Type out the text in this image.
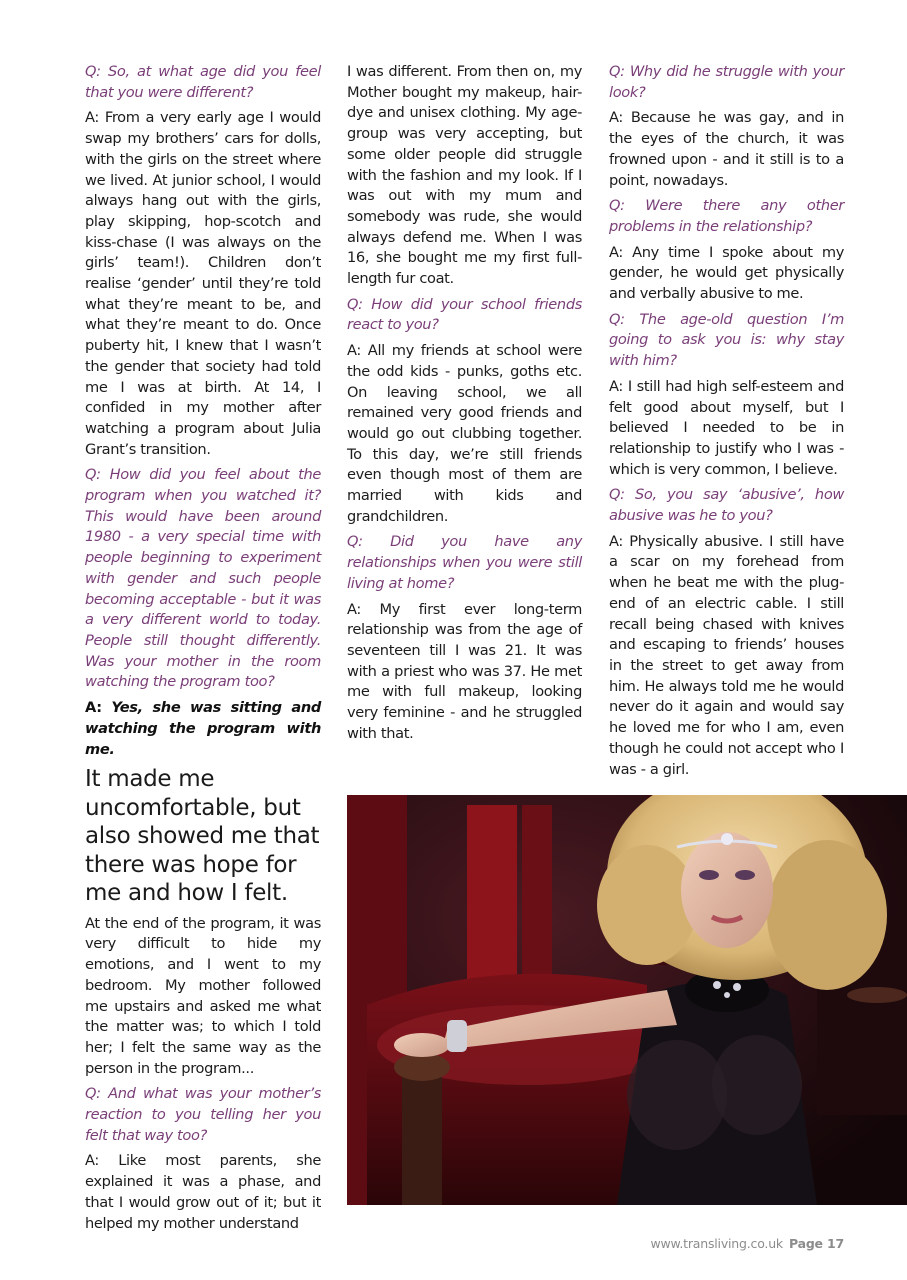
Q: So, at what age did you feel that you were different?

A: From a very early age I would swap my brothers’ cars for dolls, with the girls on the street where we lived. At junior school, I would always hang out with the girls, play skipping, hop-scotch and kiss-chase (I was always on the girls’ team!). Children don’t realise ‘gender’ until they’re told what they’re meant to be, and what they’re meant to do. Once puberty hit, I knew that I wasn’t the gender that society had told me I was at birth. At 14, I confided in my mother after watching a program about Julia Grant’s transition.

Q: How did you feel about the program when you watched it? This would have been around 1980 - a very special time with people beginning to experiment with gender and such people becoming acceptable - but it was a very different world to today. People still thought differently. Was your mother in the room watching the program too?

A: Yes, she was sitting and watching the program with me.

It made me uncomfortable, but also showed me that there was hope for me and how I felt.

At the end of the program, it was very difficult to hide my emotions, and I went to my bedroom. My mother followed me upstairs and asked me what the matter was; to which I told her; I felt the same way as the person in the program...

Q: And what was your mother’s reaction to you telling her you felt that way too?

A: Like most parents, she explained it was a phase, and that I would grow out of it; but it helped my mother understand

I was different. From then on, my Mother bought my makeup, hair-dye and unisex clothing. My age-group was very accepting, but some older people did struggle with the fashion and my look. If I was out with my mum and somebody was rude, she would always defend me. When I was 16, she bought me my first full-length fur coat.

Q: How did your school friends react to you?

A: All my friends at school were the odd kids - punks, goths etc. On leaving school, we all remained very good friends and would go out clubbing together. To this day, we’re still friends even though most of them are married with kids and grandchildren.

Q: Did you have any relationships when you were still living at home?

A: My first ever long-term relationship was from the age of seventeen till I was 21. It was with a priest who was 37. He met me with full makeup, looking very feminine - and he struggled with that.

Q: Why did he struggle with your look?

A: Because he was gay, and in the eyes of the church, it was frowned upon - and it still is to a point, nowadays.

Q: Were there any other problems in the relationship?

A: Any time I spoke about my gender, he would get physically and verbally abusive to me.

Q: The age-old question I’m going to ask you is: why stay with him?

A: I still had high self-esteem and felt good about myself, but I believed I needed to be in relationship to justify who I was - which is very common, I believe.

Q: So, you say ‘abusive’, how abusive was he to you?

A: Physically abusive. I still have a scar on my forehead from when he beat me with the plug-end of an electric cable. I still recall being chased with knives and escaping to friends’ houses in the street to get away from him. He always told me he would never do it again and would say he loved me for who I am, even though he could not accept who I was - a girl.

www.transliving.co.uk Page 17
